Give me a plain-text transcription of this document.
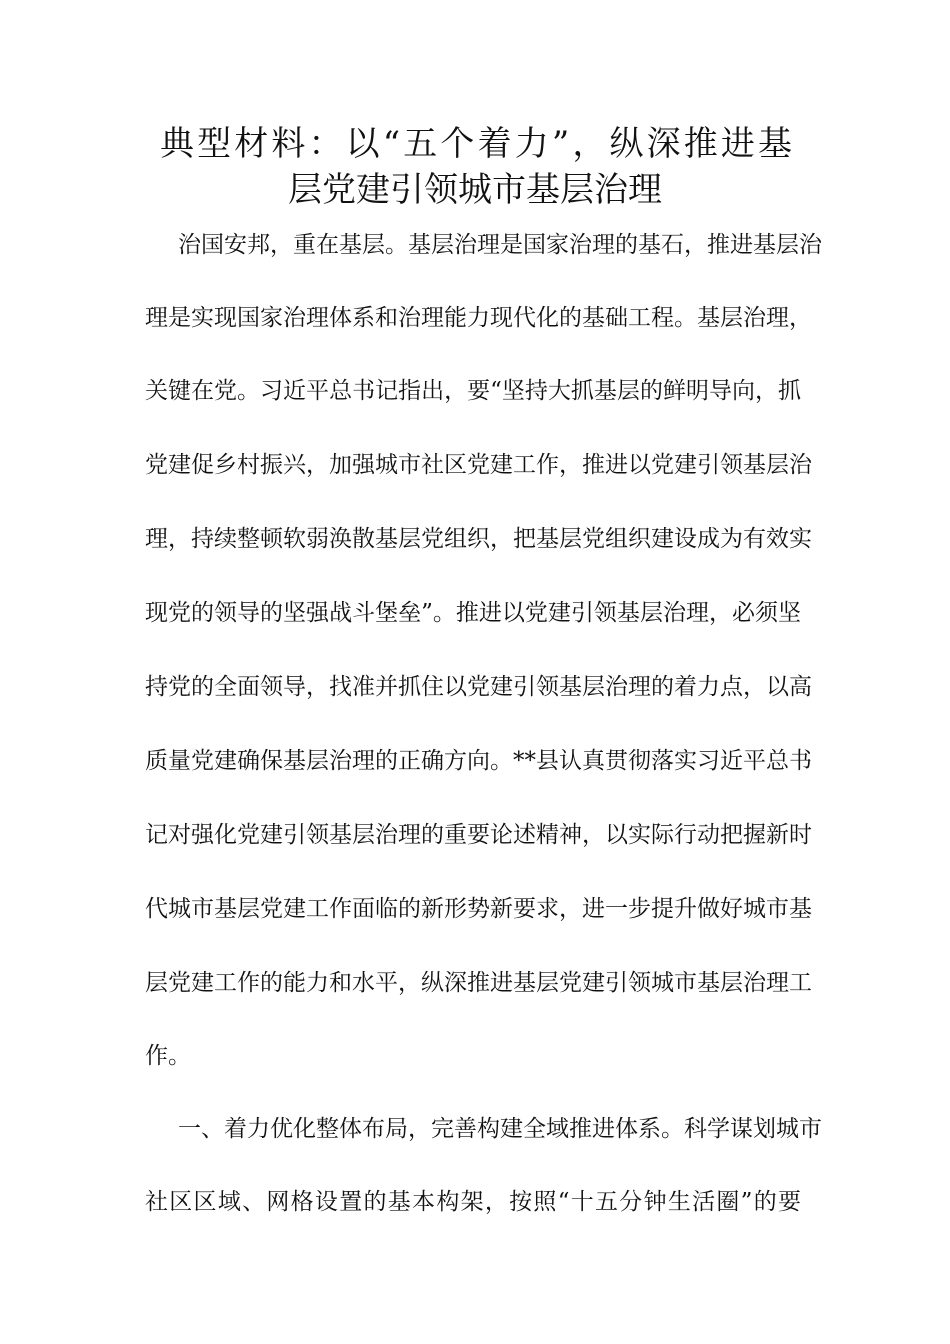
典型材料：以“五个着力”，纵深推进基
层党建引领城市基层治理
治国安邦，重在基层。基层治理是国家治理的基石，推进基层治
理是实现国家治理体系和治理能力现代化的基础工程。基层治理，
关键在党。习近平总书记指出，要“坚持大抓基层的鲜明导向，抓
党建促乡村振兴，加强城市社区党建工作，推进以党建引领基层治
理，持续整顿软弱涣散基层党组织，把基层党组织建设成为有效实
现党的领导的坚强战斗堡垒”。推进以党建引领基层治理，必须坚
持党的全面领导，找准并抓住以党建引领基层治理的着力点，以高
质量党建确保基层治理的正确方向。**县认真贯彻落实习近平总书
记对强化党建引领基层治理的重要论述精神，以实际行动把握新时
代城市基层党建工作面临的新形势新要求，进一步提升做好城市基
层党建工作的能力和水平，纵深推进基层党建引领城市基层治理工
作。
一、着力优化整体布局，完善构建全域推进体系。科学谋划城市
社区区域、网格设置的基本构架，按照“十五分钟生活圈”的要
